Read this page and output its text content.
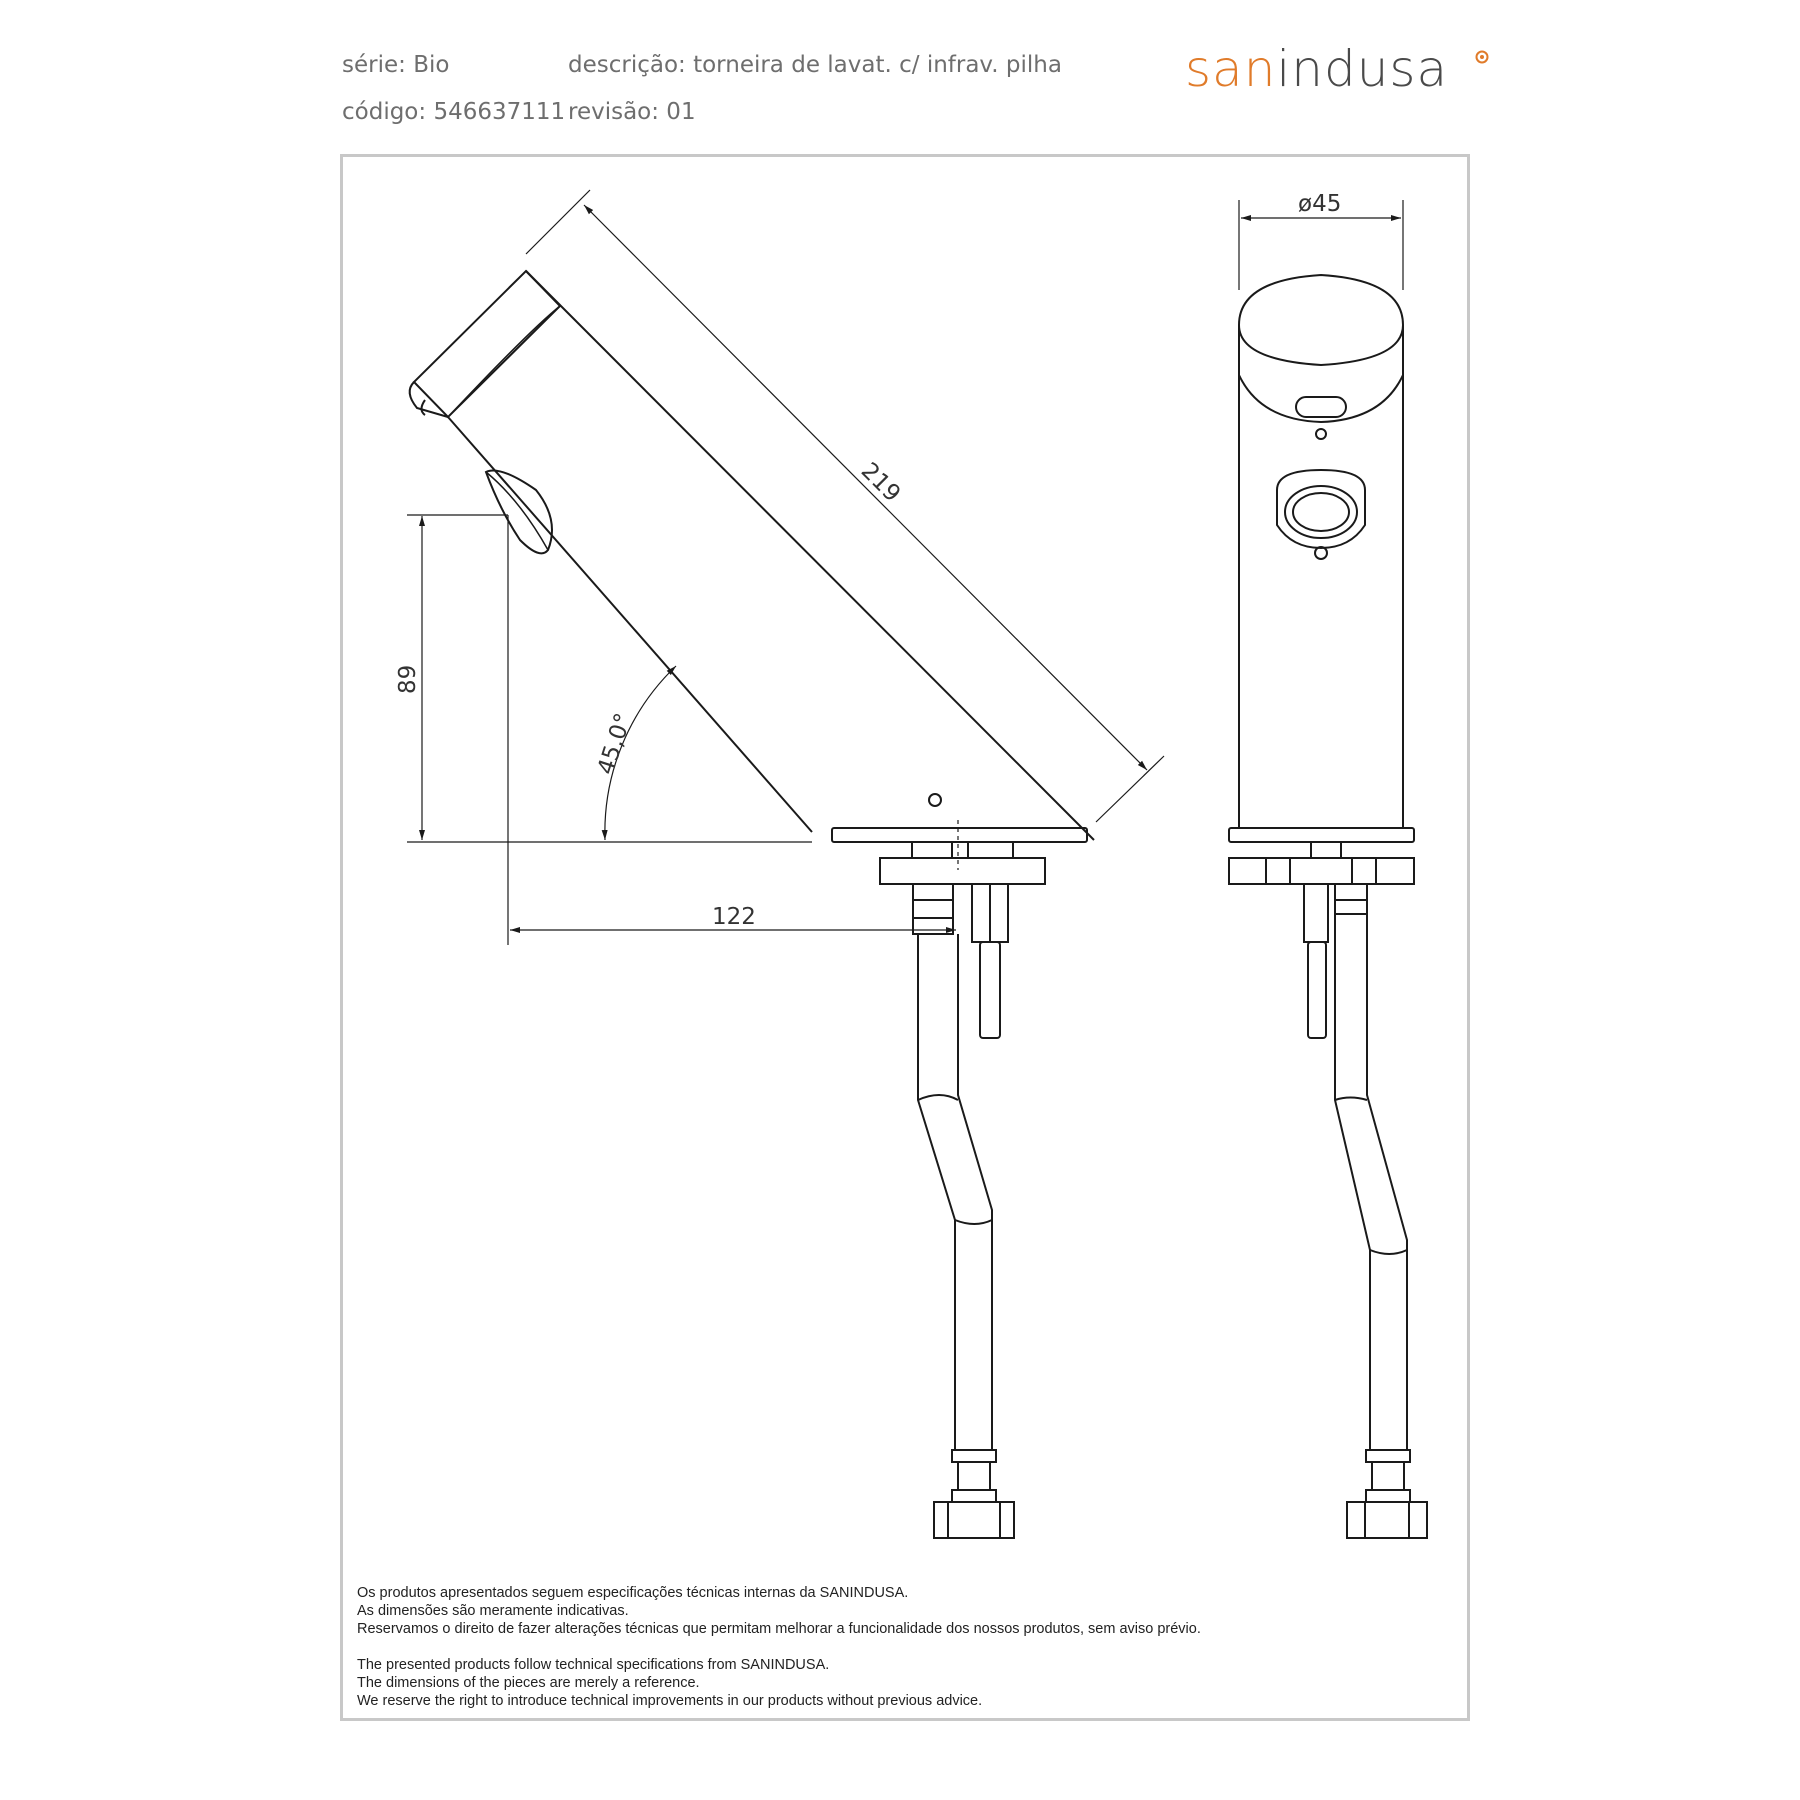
série: Bio	descrição: torneira de lavat. c/ infrav. pilha
código: 546637111 revisão: 01
sanindusa
219
89
45,0°
122
ø45
Os produtos apresentados seguem especificações técnicas internas da SANINDUSA.
As dimensões são meramente indicativas.
Reservamos o direito de fazer alterações técnicas que permitam melhorar a funcionalidade dos nossos produtos, sem aviso prévio.
The presented products follow technical specifications from SANINDUSA.
The dimensions of the pieces are merely a reference.
We reserve the right to introduce technical improvements in our products without previous advice.
